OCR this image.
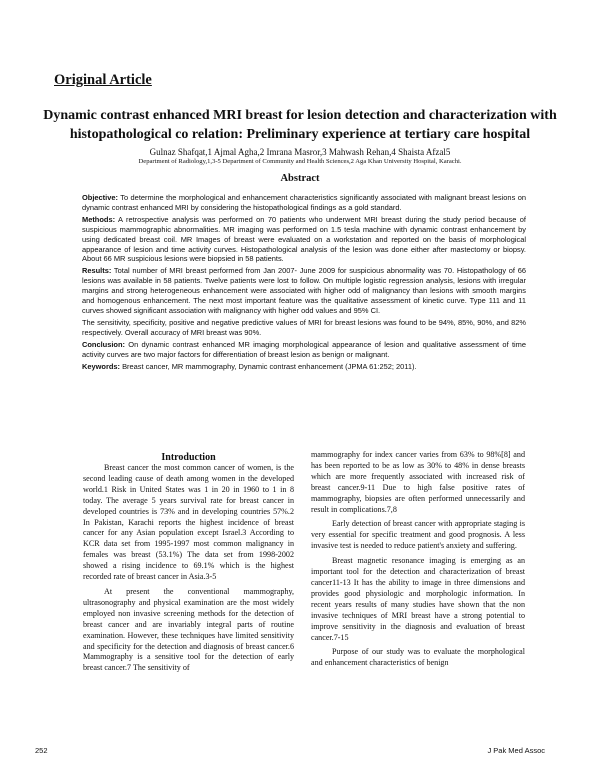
Original Article
Dynamic contrast enhanced MRI breast for lesion detection and characterization with histopathological co relation: Preliminary experience at tertiary care hospital
Gulnaz Shafqat,1 Ajmal Agha,2 Imrana Masror,3 Mahwash Rehan,4 Shaista Afzal5
Department of Radiology,1,3-5 Department of Community and Health Sciences,2 Aga Khan University Hospital, Karachi.
Abstract

Objective: To determine the morphological and enhancement characteristics significantly associated with malignant breast lesions on dynamic contrast enhanced MRI by considering the histopathological findings as a gold standard.

Methods: A retrospective analysis was performed on 70 patients who underwent MRI breast during the study period because of suspicious mammographic abnormalities. MR imaging was performed on 1.5 tesla machine with dynamic contrast enhancement by using dedicated breast coil. MR Images of breast were evaluated on a workstation and reported on the basis of morphological appearance of lesion and time activity curves. Histopathological analysis of the lesion was done either after mastectomy or biopsy. About 66 MR suspicious lesions were biopsied in 58 patients.

Results: Total number of MRI breast performed from Jan 2007- June 2009 for suspicious abnormality was 70. Histopathology of 66 lesions was available in 58 patients. Twelve patients were lost to follow. On multiple logistic regression analysis, lesions with irregular margins and strong heterogeneous enhancement were associated with higher odd of malignancy than lesions with smooth margins and homogenous enhancement. The next most important feature was the qualitative assessment of kinetic curve. Type 111 and 11 curves showed significant association with malignancy with higher odd values and 95% CI.

The sensitivity, specificity, positive and negative predictive values of MRI for breast lesions was found to be 94%, 85%, 90%, and 82% respectively. Overall accuracy of MRI breast was 90%.

Conclusion: On dynamic contrast enhanced MR imaging morphological appearance of lesion and qualitative assessment of time activity curves are two major factors for differentiation of breast lesion as benign or malignant.

Keywords: Breast cancer, MR mammography, Dynamic contrast enhancement (JPMA 61:252; 2011).

Introduction

Breast cancer the most common cancer of women, is the second leading cause of death among women in the developed world.1 Risk in United States was 1 in 20 in 1960 to 1 in 8 today. The average 5 years survival rate for breast cancer in developed countries is 73% and in developing countries 57%.2 In Pakistan, Karachi reports the highest incidence of breast cancer for any Asian population except Israel.3 According to KCR data set from 1995-1997 most common malignancy in females was breast (53.1%) The data set from 1998-2002 showed a rising incidence to 69.1% which is the highest recorded rate of breast cancer in Asia.3-5

At present the conventional mammography, ultrasonography and physical examination are the most widely employed non invasive screening methods for the detection of breast cancer and are invariably integral parts of routine examination. However, these techniques have limited sensitivity and specificity for the detection and diagnosis of breast cancer.6 Mammography is a sensitive tool for the detection of early breast cancer.7 The sensitivity of

mammography for index cancer varies from 63% to 98%[8] and has been reported to be as low as 30% to 48% in dense breasts which are more frequently associated with increased risk of breast cancer.9-11 Due to high false positive rates of mammography, biopsies are often performed unnecessarily and result in complications.7,8

Early detection of breast cancer with appropriate staging is very essential for specific treatment and good prognosis. A less invasive test is needed to reduce patient's anxiety and suffering.

Breast magnetic resonance imaging is emerging as an important tool for the detection and characterization of breast cancer11-13 It has the ability to image in three dimensions and provides good physiologic and morphologic information. In recent years results of many studies have shown that the non invasive techniques of MRI breast have a strong potential to improve sensitivity in the diagnosis and evaluation of breast cancer.7-15

Purpose of our study was to evaluate the morphological and enhancement characteristics of benign

252	J Pak Med Assoc
